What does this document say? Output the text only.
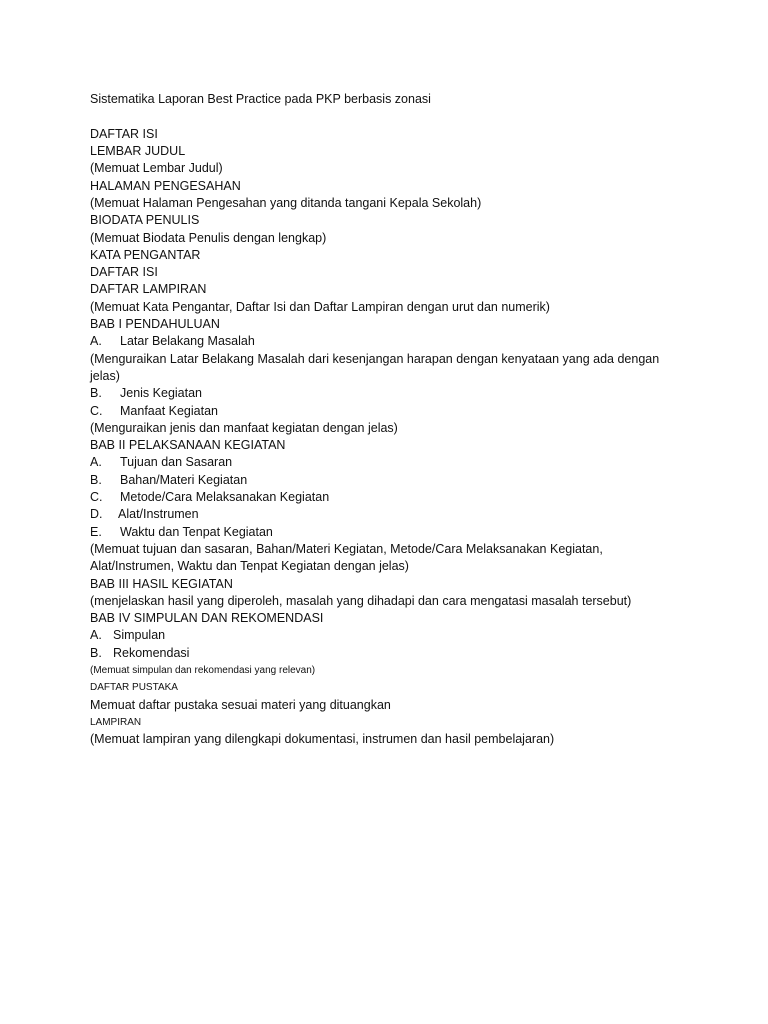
Sistematika Laporan Best Practice pada PKP berbasis zonasi
DAFTAR ISI
LEMBAR JUDUL
(Memuat Lembar Judul)
HALAMAN PENGESAHAN
(Memuat Halaman Pengesahan yang ditanda tangani Kepala Sekolah)
BIODATA PENULIS
(Memuat Biodata Penulis dengan lengkap)
KATA PENGANTAR
DAFTAR ISI
DAFTAR LAMPIRAN
(Memuat Kata Pengantar, Daftar Isi dan Daftar Lampiran dengan urut dan numerik)
BAB I PENDAHULUAN
A. Latar Belakang Masalah
(Menguraikan Latar Belakang Masalah dari kesenjangan harapan dengan kenyataan yang ada dengan jelas)
B. Jenis Kegiatan
C. Manfaat Kegiatan
(Menguraikan jenis dan manfaat kegiatan dengan jelas)
BAB II PELAKSANAAN KEGIATAN
A. Tujuan dan Sasaran
B. Bahan/Materi Kegiatan
C. Metode/Cara Melaksanakan Kegiatan
D. Alat/Instrumen
E. Waktu dan Tenpat Kegiatan
(Memuat tujuan dan sasaran, Bahan/Materi Kegiatan, Metode/Cara Melaksanakan Kegiatan, Alat/Instrumen, Waktu dan Tenpat Kegiatan dengan jelas)
BAB III HASIL KEGIATAN
(menjelaskan hasil yang diperoleh, masalah yang dihadapi dan cara mengatasi masalah tersebut)
BAB IV SIMPULAN DAN REKOMENDASI
A. Simpulan
B. Rekomendasi
(Memuat simpulan dan rekomendasi yang relevan)
DAFTAR PUSTAKA
Memuat daftar pustaka sesuai materi yang dituangkan
LAMPIRAN
(Memuat lampiran yang dilengkapi dokumentasi, instrumen dan hasil pembelajaran)
